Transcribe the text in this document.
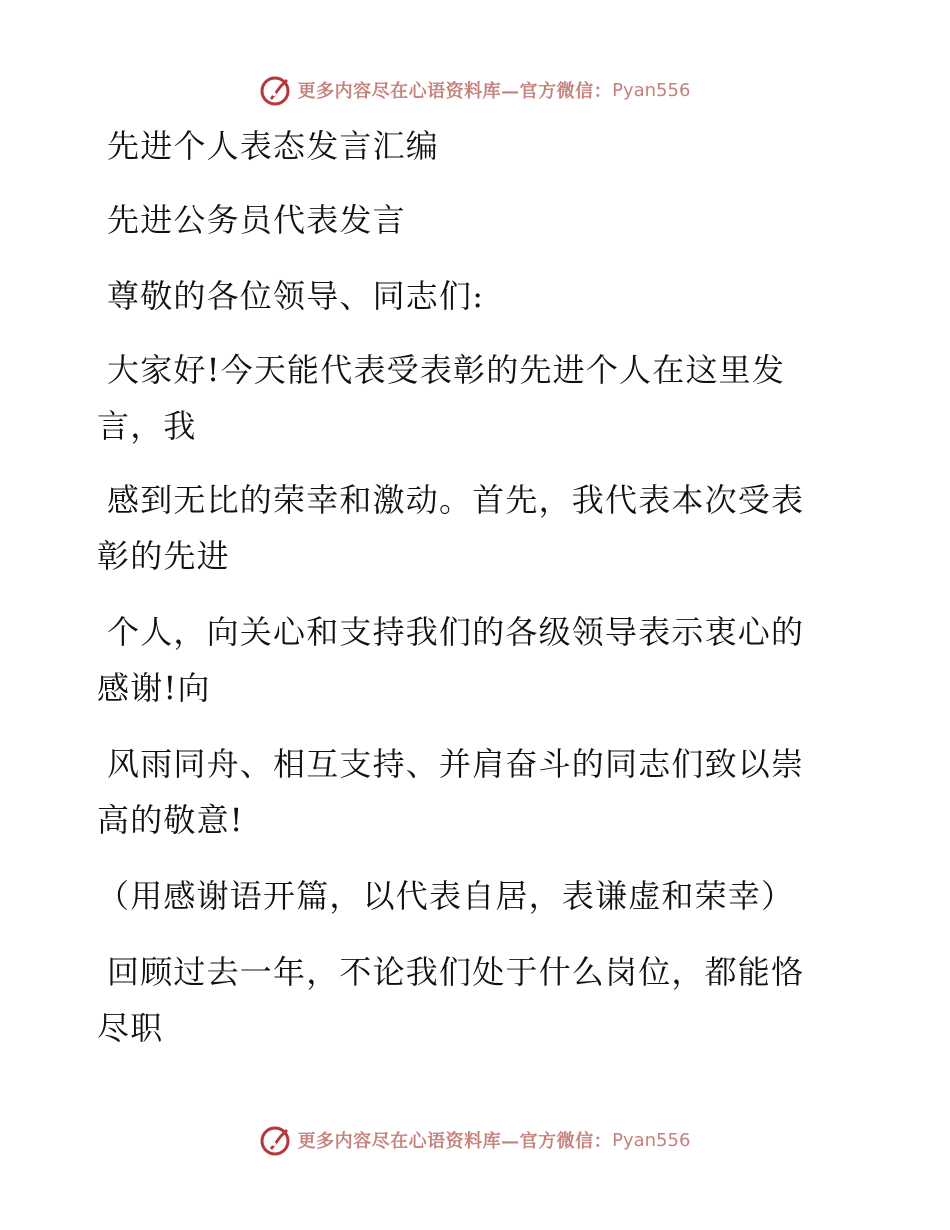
更多内容尽在心语资料库—官方微信： Pyan556
先进个人表态发言汇编
先进公务员代表发言
尊敬的各位领导、同志们:
大家好!今天能代表受表彰的先进个人在这里发
言，我
感到无比的荣幸和激动。首先，我代表本次受表
彰的先进
个人，向关心和支持我们的各级领导表示衷心的
感谢!向
风雨同舟、相互支持、并肩奋斗的同志们致以崇
高的敬意!
（用感谢语开篇，以代表自居，表谦虚和荣幸）
回顾过去一年，不论我们处于什么岗位，都能恪
尽职
更多内容尽在心语资料库—官方微信： Pyan556
